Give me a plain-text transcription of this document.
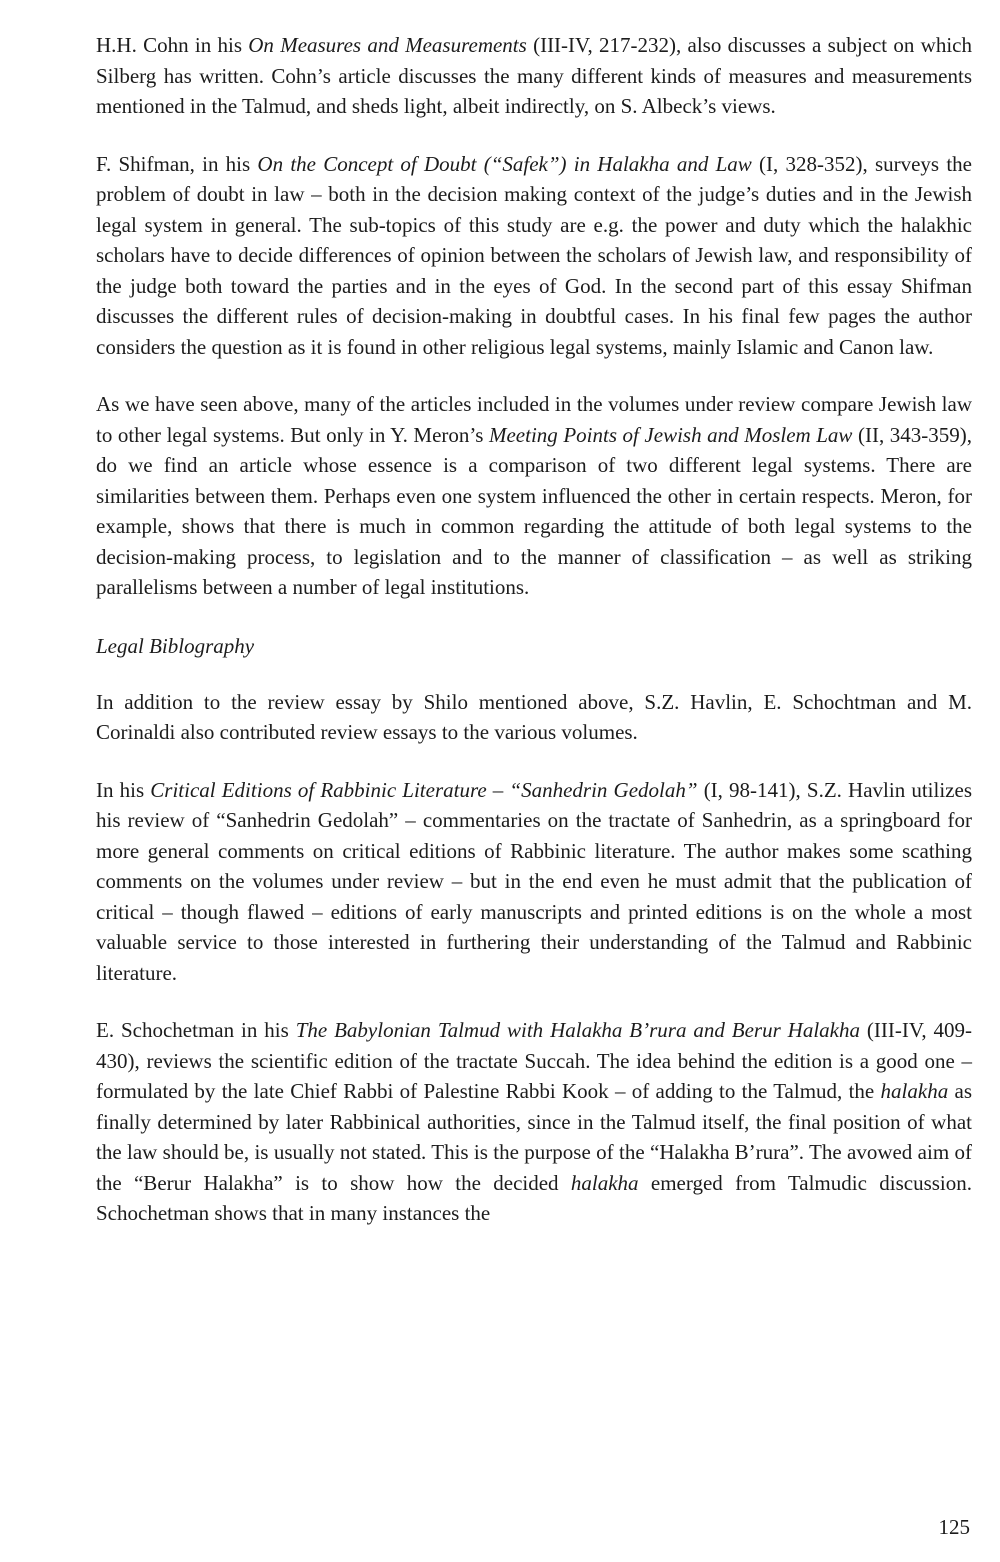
H.H. Cohn in his On Measures and Measurements (III-IV, 217-232), also discusses a subject on which Silberg has written. Cohn’s article discusses the many different kinds of measures and measurements mentioned in the Talmud, and sheds light, albeit indirectly, on S. Albeck’s views.

F. Shifman, in his On the Concept of Doubt (“Safek”) in Halakha and Law (I, 328-352), surveys the problem of doubt in law – both in the decision making context of the judge’s duties and in the Jewish legal system in general. The sub-topics of this study are e.g. the power and duty which the halakhic scholars have to decide differences of opinion between the scholars of Jewish law, and responsibility of the judge both toward the parties and in the eyes of God. In the second part of this essay Shifman discusses the different rules of decision-making in doubtful cases. In his final few pages the author considers the question as it is found in other religious legal systems, mainly Islamic and Canon law.

As we have seen above, many of the articles included in the volumes under review compare Jewish law to other legal systems. But only in Y. Meron’s Meeting Points of Jewish and Moslem Law (II, 343-359), do we find an article whose essence is a comparison of two different legal systems. There are similarities between them. Perhaps even one system influenced the other in certain respects. Meron, for example, shows that there is much in common regarding the attitude of both legal systems to the decision-making process, to legislation and to the manner of classification – as well as striking parallelisms between a number of legal institutions.

Legal Biblography

In addition to the review essay by Shilo mentioned above, S.Z. Havlin, E. Schochtman and M. Corinaldi also contributed review essays to the various volumes.

In his Critical Editions of Rabbinic Literature – “Sanhedrin Gedolah” (I, 98-141), S.Z. Havlin utilizes his review of “Sanhedrin Gedolah” – commentaries on the tractate of Sanhedrin, as a springboard for more general comments on critical editions of Rabbinic literature. The author makes some scathing comments on the volumes under review – but in the end even he must admit that the publication of critical – though flawed – editions of early manuscripts and printed editions is on the whole a most valuable service to those interested in furthering their understanding of the Talmud and Rabbinic literature.

E. Schochetman in his The Babylonian Talmud with Halakha B’rura and Berur Halakha (III-IV, 409-430), reviews the scientific edition of the tractate Succah. The idea behind the edition is a good one – formulated by the late Chief Rabbi of Palestine Rabbi Kook – of adding to the Talmud, the halakha as finally determined by later Rabbinical authorities, since in the Talmud itself, the final position of what the law should be, is usually not stated. This is the purpose of the “Halakha B’rura”. The avowed aim of the “Berur Halakha” is to show how the decided halakha emerged from Talmudic discussion. Schochetman shows that in many instances the

125
